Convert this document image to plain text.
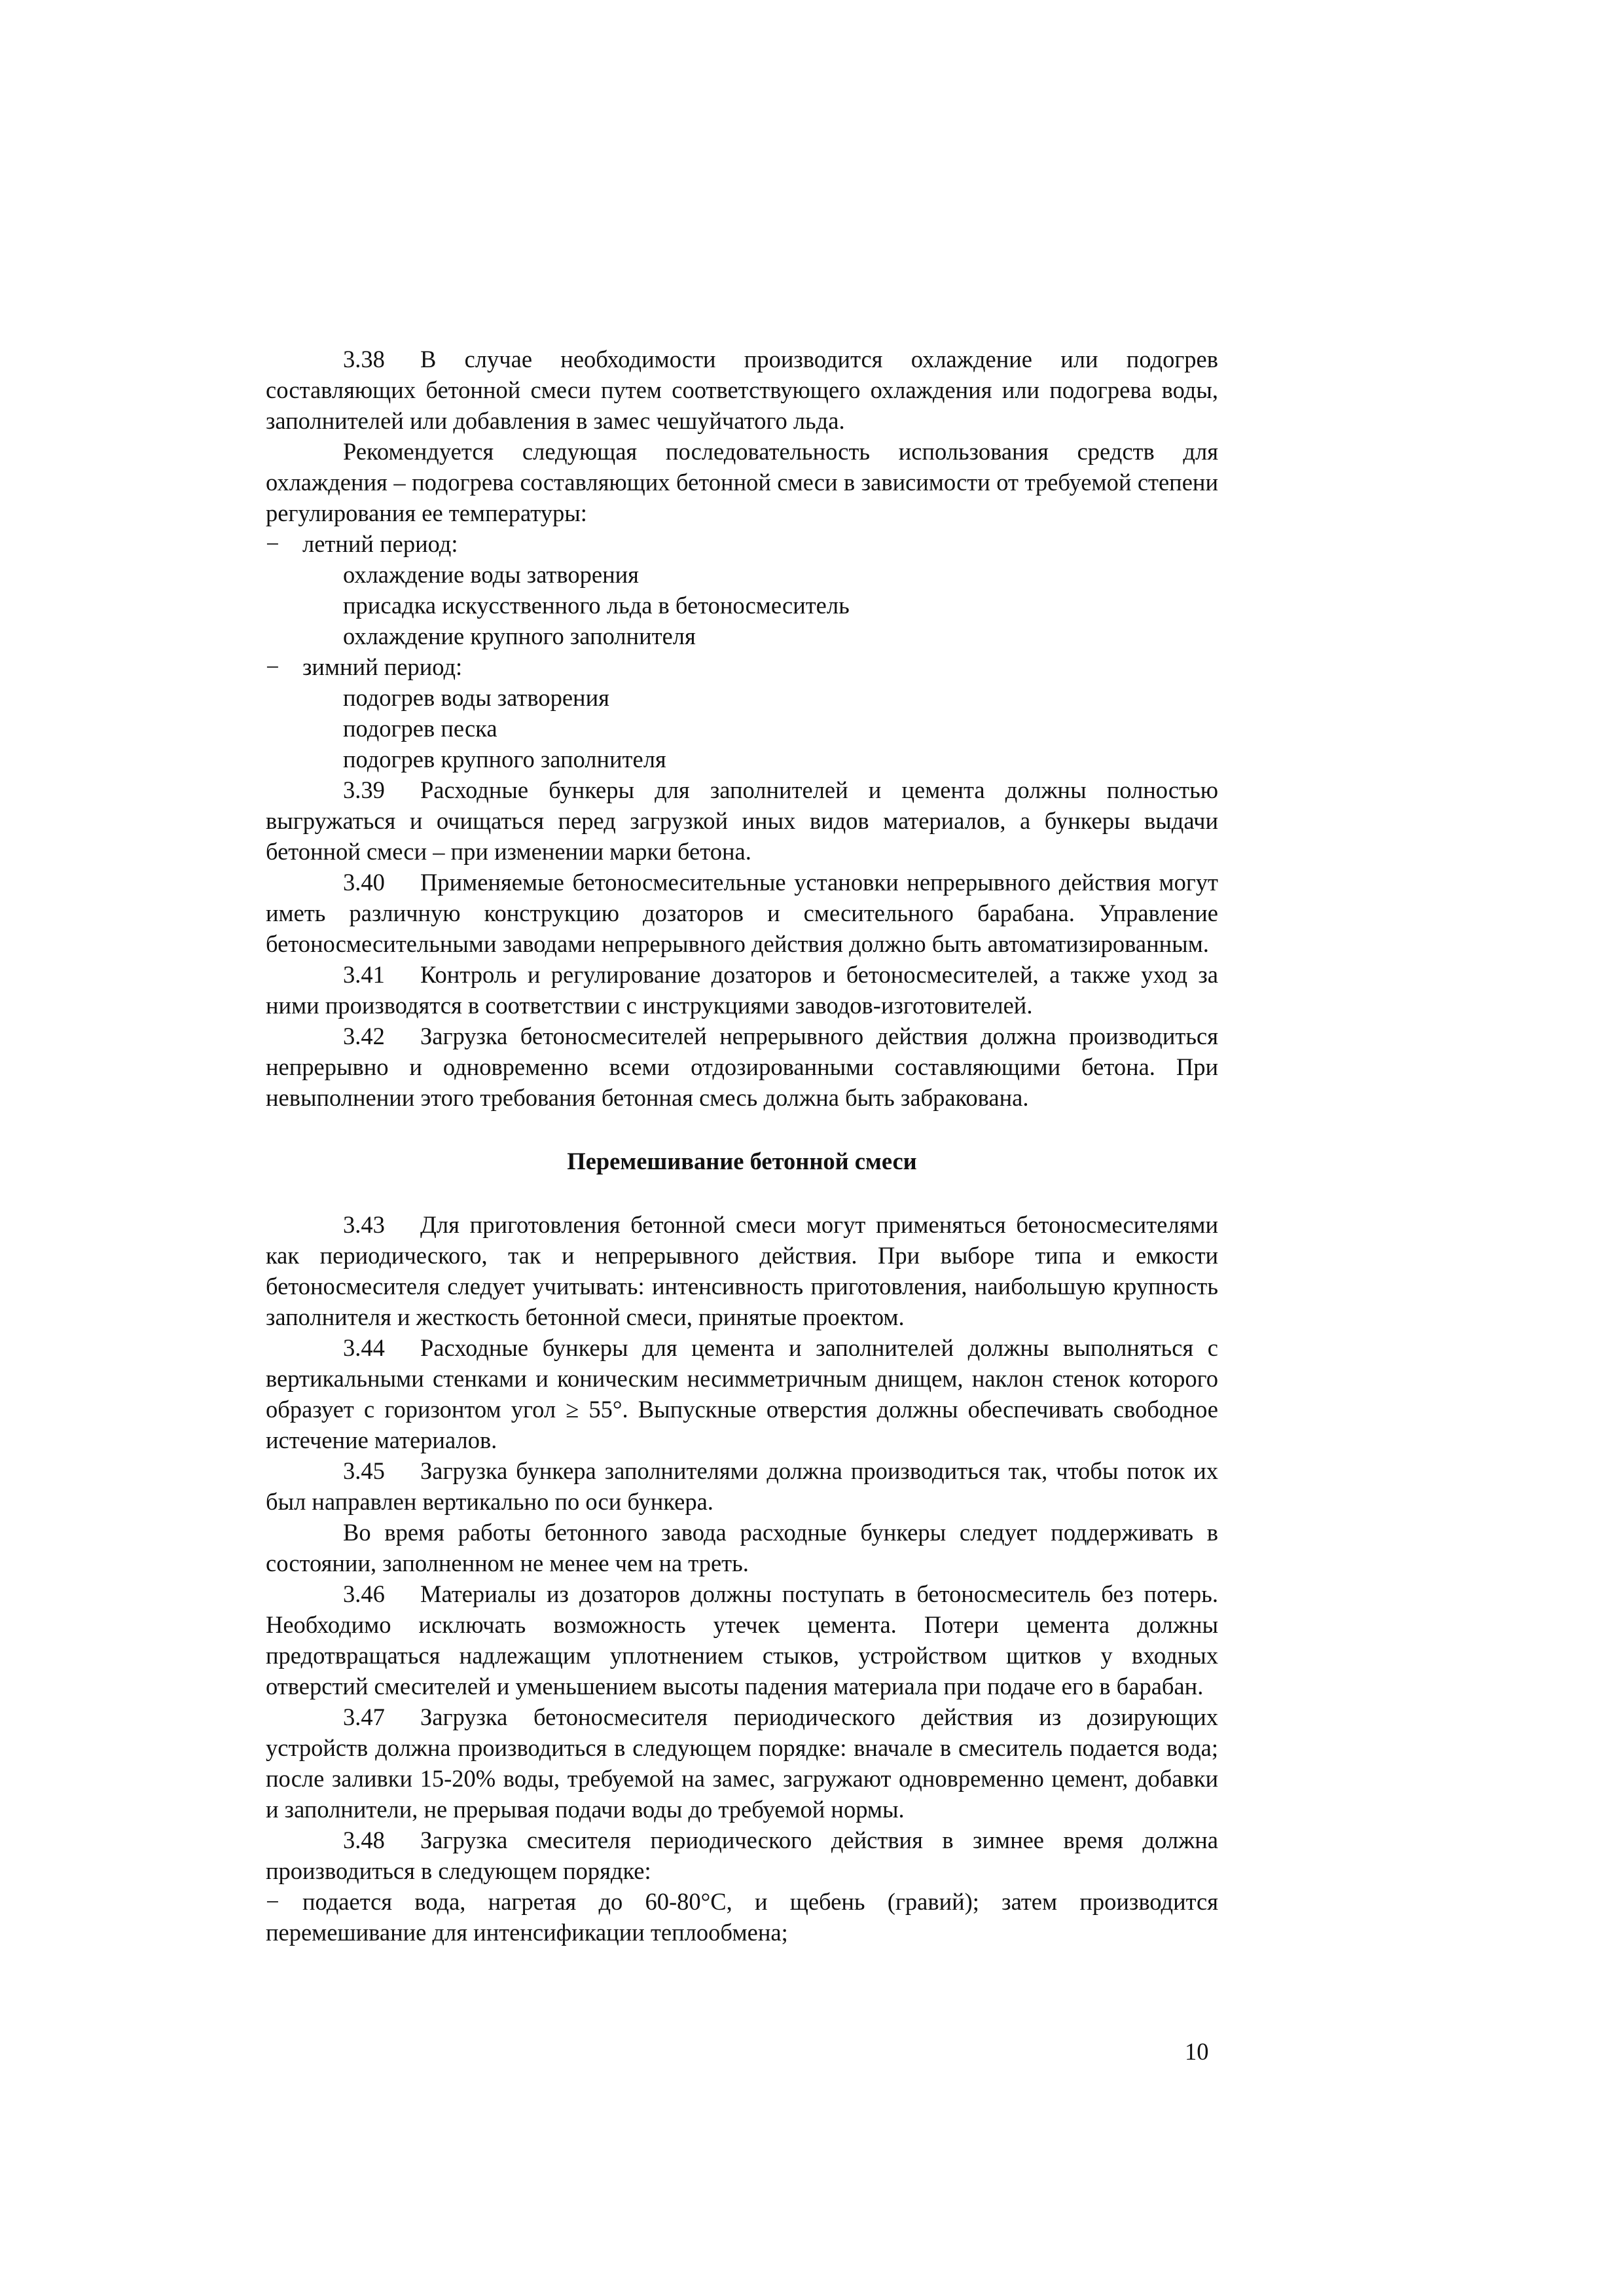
3.38 В случае необходимости производится охлаждение или подогрев составляющих бетонной смеси путем соответствующего охлаждения или подогрева воды, заполнителей или добавления в замес чешуйчатого льда.
Рекомендуется следующая последовательность использования средств для охлаждения – подогрева составляющих бетонной смеси в зависимости от требуемой степени регулирования ее температуры:
− летний период:
охлаждение воды затворения
присадка искусственного льда в бетоносмеситель
охлаждение крупного заполнителя
− зимний период:
подогрев воды затворения
подогрев песка
подогрев крупного заполнителя
3.39 Расходные бункеры для заполнителей и цемента должны полностью выгружаться и очищаться перед загрузкой иных видов материалов, а бункеры выдачи бетонной смеси – при изменении марки бетона.
3.40 Применяемые бетоносмесительные установки непрерывного действия могут иметь различную конструкцию дозаторов и смесительного барабана. Управление бетоносмесительными заводами непрерывного действия должно быть автоматизированным.
3.41 Контроль и регулирование дозаторов и бетоносмесителей, а также уход за ними производятся в соответствии с инструкциями заводов-изготовителей.
3.42 Загрузка бетоносмесителей непрерывного действия должна производиться непрерывно и одновременно всеми отдозированными составляющими бетона. При невыполнении этого требования бетонная смесь должна быть забракована.
Перемешивание бетонной смеси
3.43 Для приготовления бетонной смеси могут применяться бетоносмесителями как периодического, так и непрерывного действия. При выборе типа и емкости бетоносмесителя следует учитывать: интенсивность приготовления, наибольшую крупность заполнителя и жесткость бетонной смеси, принятые проектом.
3.44 Расходные бункеры для цемента и заполнителей должны выполняться с вертикальными стенками и коническим несимметричным днищем, наклон стенок которого образует с горизонтом угол ≥ 55°. Выпускные отверстия должны обеспечивать свободное истечение материалов.
3.45 Загрузка бункера заполнителями должна производиться так, чтобы поток их был направлен вертикально по оси бункера.
Во время работы бетонного завода расходные бункеры следует поддерживать в состоянии, заполненном не менее чем на треть.
3.46 Материалы из дозаторов должны поступать в бетоносмеситель без потерь. Необходимо исключать возможность утечек цемента. Потери цемента должны предотвращаться надлежащим уплотнением стыков, устройством щитков у входных отверстий смесителей и уменьшением высоты падения материала при подаче его в барабан.
3.47 Загрузка бетоносмесителя периодического действия из дозирующих устройств должна производиться в следующем порядке: вначале в смеситель подается вода; после заливки 15-20% воды, требуемой на замес, загружают одновременно цемент, добавки и заполнители, не прерывая подачи воды до требуемой нормы.
3.48 Загрузка смесителя периодического действия в зимнее время должна производиться в следующем порядке:
− подается вода, нагретая до 60-80°С, и щебень (гравий); затем производится перемешивание для интенсификации теплообмена;
10
